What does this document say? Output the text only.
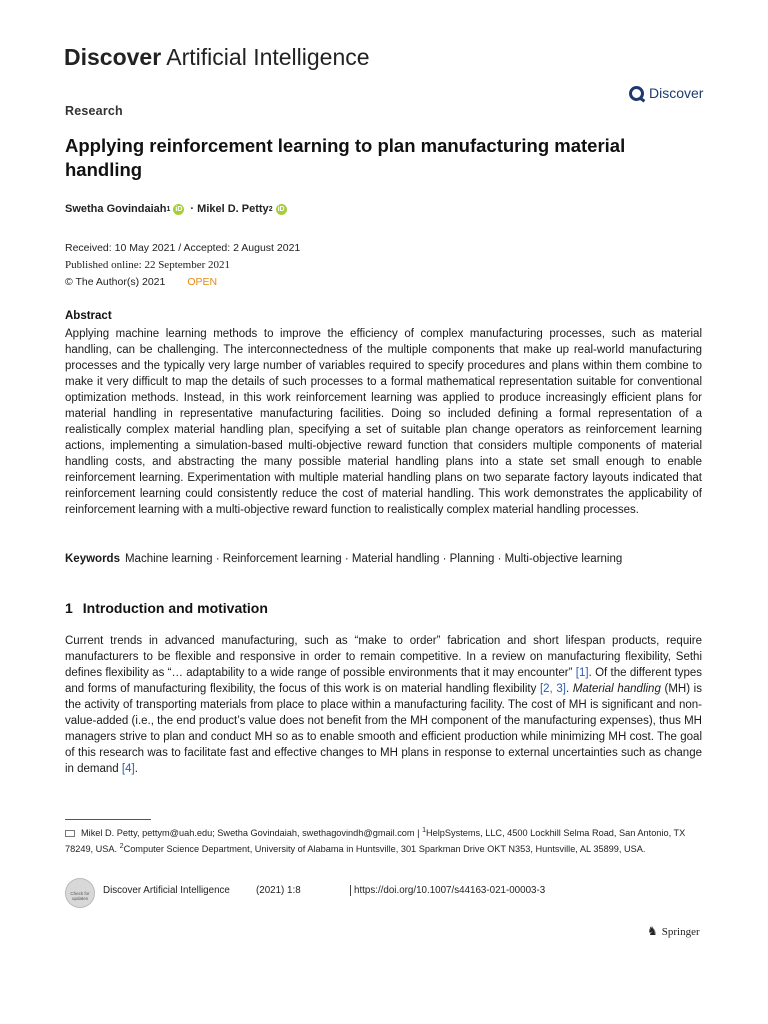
Discover Artificial Intelligence
Discover
Research
Applying reinforcement learning to plan manufacturing material handling
Swetha Govindaiah 1 iD · Mikel D. Petty 2 iD
Received: 10 May 2021 / Accepted: 2 August 2021
Published online: 22 September 2021
© The Author(s) 2021 OPEN
Abstract
Applying machine learning methods to improve the efficiency of complex manufacturing processes, such as material handling, can be challenging. The interconnectedness of the multiple components that make up real-world manufacturing processes and the typically very large number of variables required to specify procedures and plans within them combine to make it very difficult to map the details of such processes to a formal mathematical representation suitable for conventional optimization methods. Instead, in this work reinforcement learning was applied to produce increasingly efficient plans for material handling in representative manufacturing facilities. Doing so included defining a formal representation of a realistically complex material handling plan, specifying a set of suitable plan change operators as reinforcement learning actions, implementing a simulation-based multi-objective reward function that considers multiple components of material handling costs, and abstracting the many possible material handling plans into a state set small enough to enable reinforcement learning. Experimentation with multiple material handling plans on two separate factory layouts indicated that reinforcement learning could consistently reduce the cost of material handling. This work demonstrates the applicability of reinforcement learning with a multi-objective reward function to realistically complex material handling processes.
Keywords Machine learning · Reinforcement learning · Material handling · Planning · Multi-objective learning
1 Introduction and motivation
Current trends in advanced manufacturing, such as “make to order” fabrication and short lifespan products, require manufacturers to be flexible and responsive in order to remain competitive. In a review on manufacturing flexibility, Sethi defines flexibility as “… adaptability to a wide range of possible environments that it may encounter” [1]. Of the different types and forms of manufacturing flexibility, the focus of this work is on material handling flexibility [2, 3]. Material handling (MH) is the activity of transporting materials from place to place within a manufacturing facility. The cost of MH is significant and non-value-added (i.e., the end product’s value does not benefit from the MH component of the manufacturing expenses), thus MH managers strive to plan and conduct MH so as to enable smooth and efficient production while minimizing MH cost. The goal of this research was to facilitate fast and effective changes to MH plans in response to external uncertainties such as change in demand [4].
Mikel D. Petty, pettym@uah.edu; Swetha Govindaiah, swethagovindh@gmail.com | $^1$HelpSystems, LLC, 4500 Lockhill Selma Road, San Antonio, TX 78249, USA. $^2$Computer Science Department, University of Alabama in Huntsville, 301 Sparkman Drive OKT N353, Huntsville, AL 35899, USA.
Check for updates
Discover Artificial Intelligence	(2021) 1:8	https://doi.org/10.1007/s44163-021-00003-3
♞ Springer
